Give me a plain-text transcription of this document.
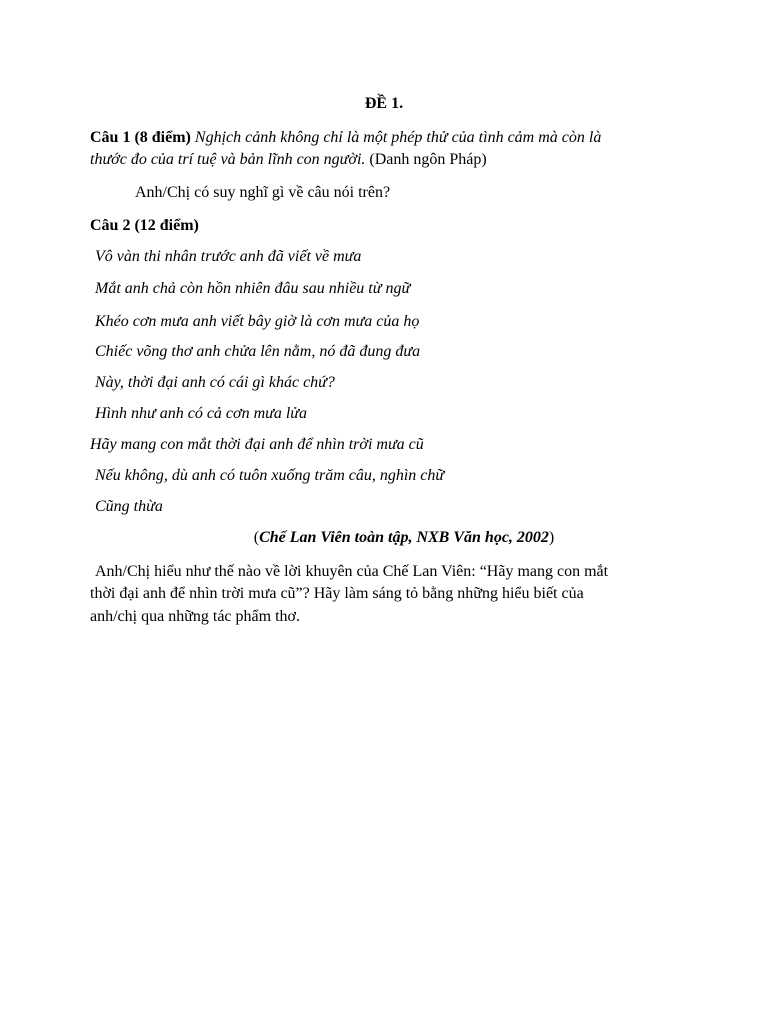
ĐỀ 1.
Câu 1 (8 điểm) Nghịch cảnh không chỉ là một phép thử của tình cảm mà còn là
thước đo của trí tuệ và bản lĩnh con người. (Danh ngôn Pháp)
Anh/Chị có suy nghĩ gì về câu nói trên?
Câu 2 (12 điểm)
Vô vàn thi nhân trước anh đã viết về mưa
Mắt anh chả còn hồn nhiên đâu sau nhiều từ ngữ
Khéo cơn mưa anh viết bây giờ là cơn mưa của họ
Chiếc võng thơ anh chửa lên nằm, nó đã đung đưa
Này, thời đại anh có cái gì khác chứ?
Hình như anh có cả cơn mưa lửa
Hãy mang con mắt thời đại anh để nhìn trời mưa cũ
Nếu không, dù anh có tuôn xuống trăm câu, nghìn chữ
Cũng thừa
(Chế Lan Viên toàn tập, NXB Văn học, 2002)
Anh/Chị hiểu như thế nào về lời khuyên của Chế Lan Viên: “Hãy mang con mắt
thời đại anh để nhìn trời mưa cũ”? Hãy làm sáng tỏ bằng những hiểu biết của
anh/chị qua những tác phẩm thơ.
